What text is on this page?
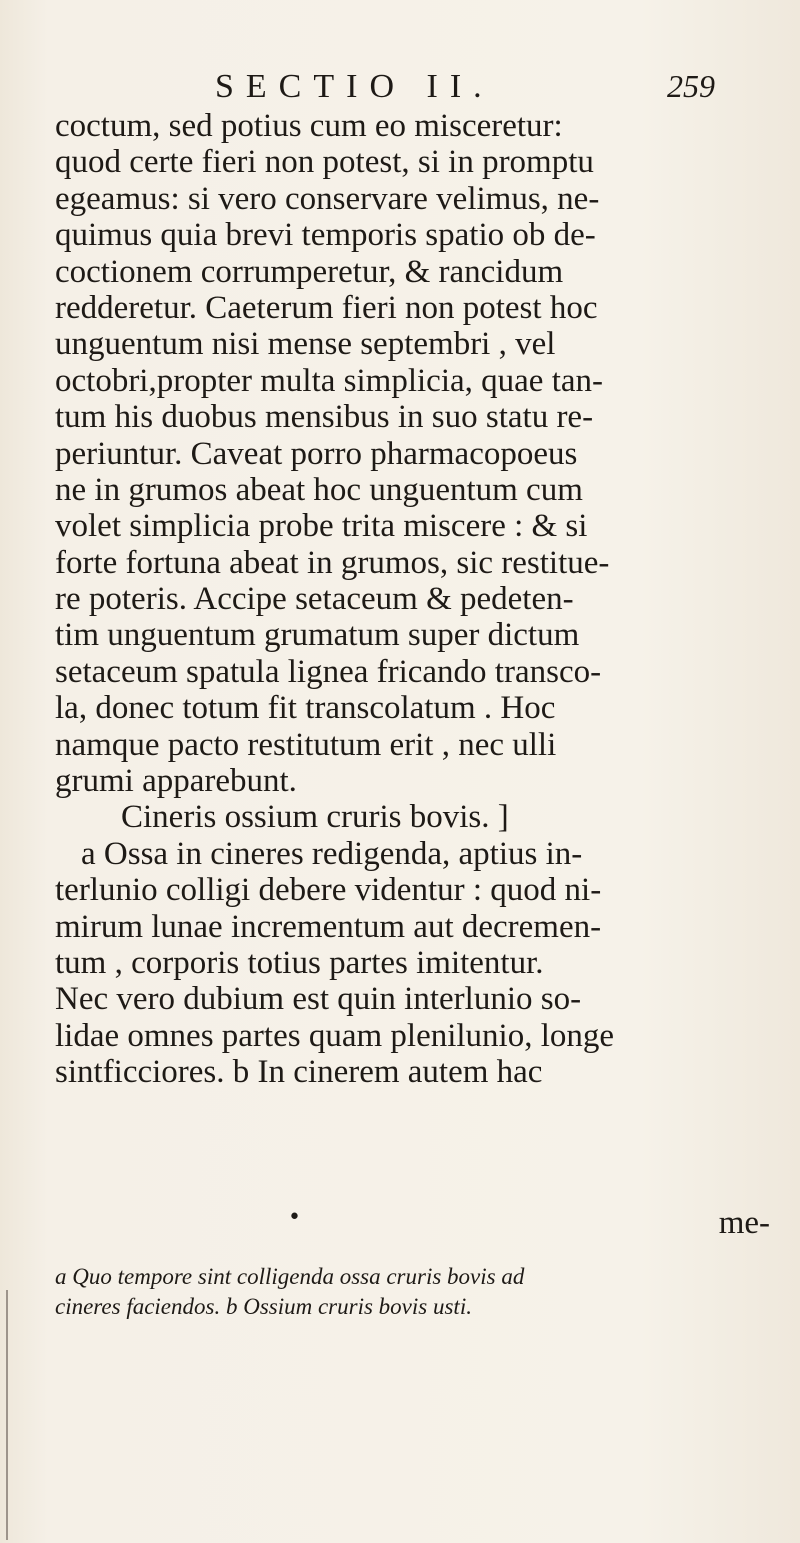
SECTIO II.	259
coctum, sed potius cum eo misceretur:
quod certe fieri non potest, si in promptu
egeamus: si vero conservare velimus, ne-
quimus quia brevi temporis spatio ob de-
coctionem corrumperetur, & rancidum
redderetur. Caeterum fieri non potest hoc
unguentum nisi mense septembri , vel
octobri,propter multa simplicia, quae tan-
tum his duobus mensibus in suo statu re-
periuntur. Caveat porro pharmacopoeus
ne in grumos abeat hoc unguentum cum
volet simplicia probe trita miscere : & si
forte fortuna abeat in grumos, sic restitue-
re poteris. Accipe setaceum & pedeten-
tim unguentum grumatum super dictum
setaceum spatula lignea fricando transco-
la, donec totum fit transcolatum . Hoc
namque pacto restitutum erit , nec ulli
grumi apparebunt.
Cineris ossium cruris bovis. ]
a Ossa in cineres redigenda, aptius in-
terlunio colligi debere videntur : quod ni-
mirum lunae incrementum aut decremen-
tum , corporis totius partes imitentur.
Nec vero dubium est quin interlunio so-
lidae omnes partes quam plenilunio, longe
sintficciores. b In cinerem autem hac
•	me-
a Quo tempore sint colligenda ossa cruris bovis ad
cineres faciendos. b Ossium cruris bovis usti.
